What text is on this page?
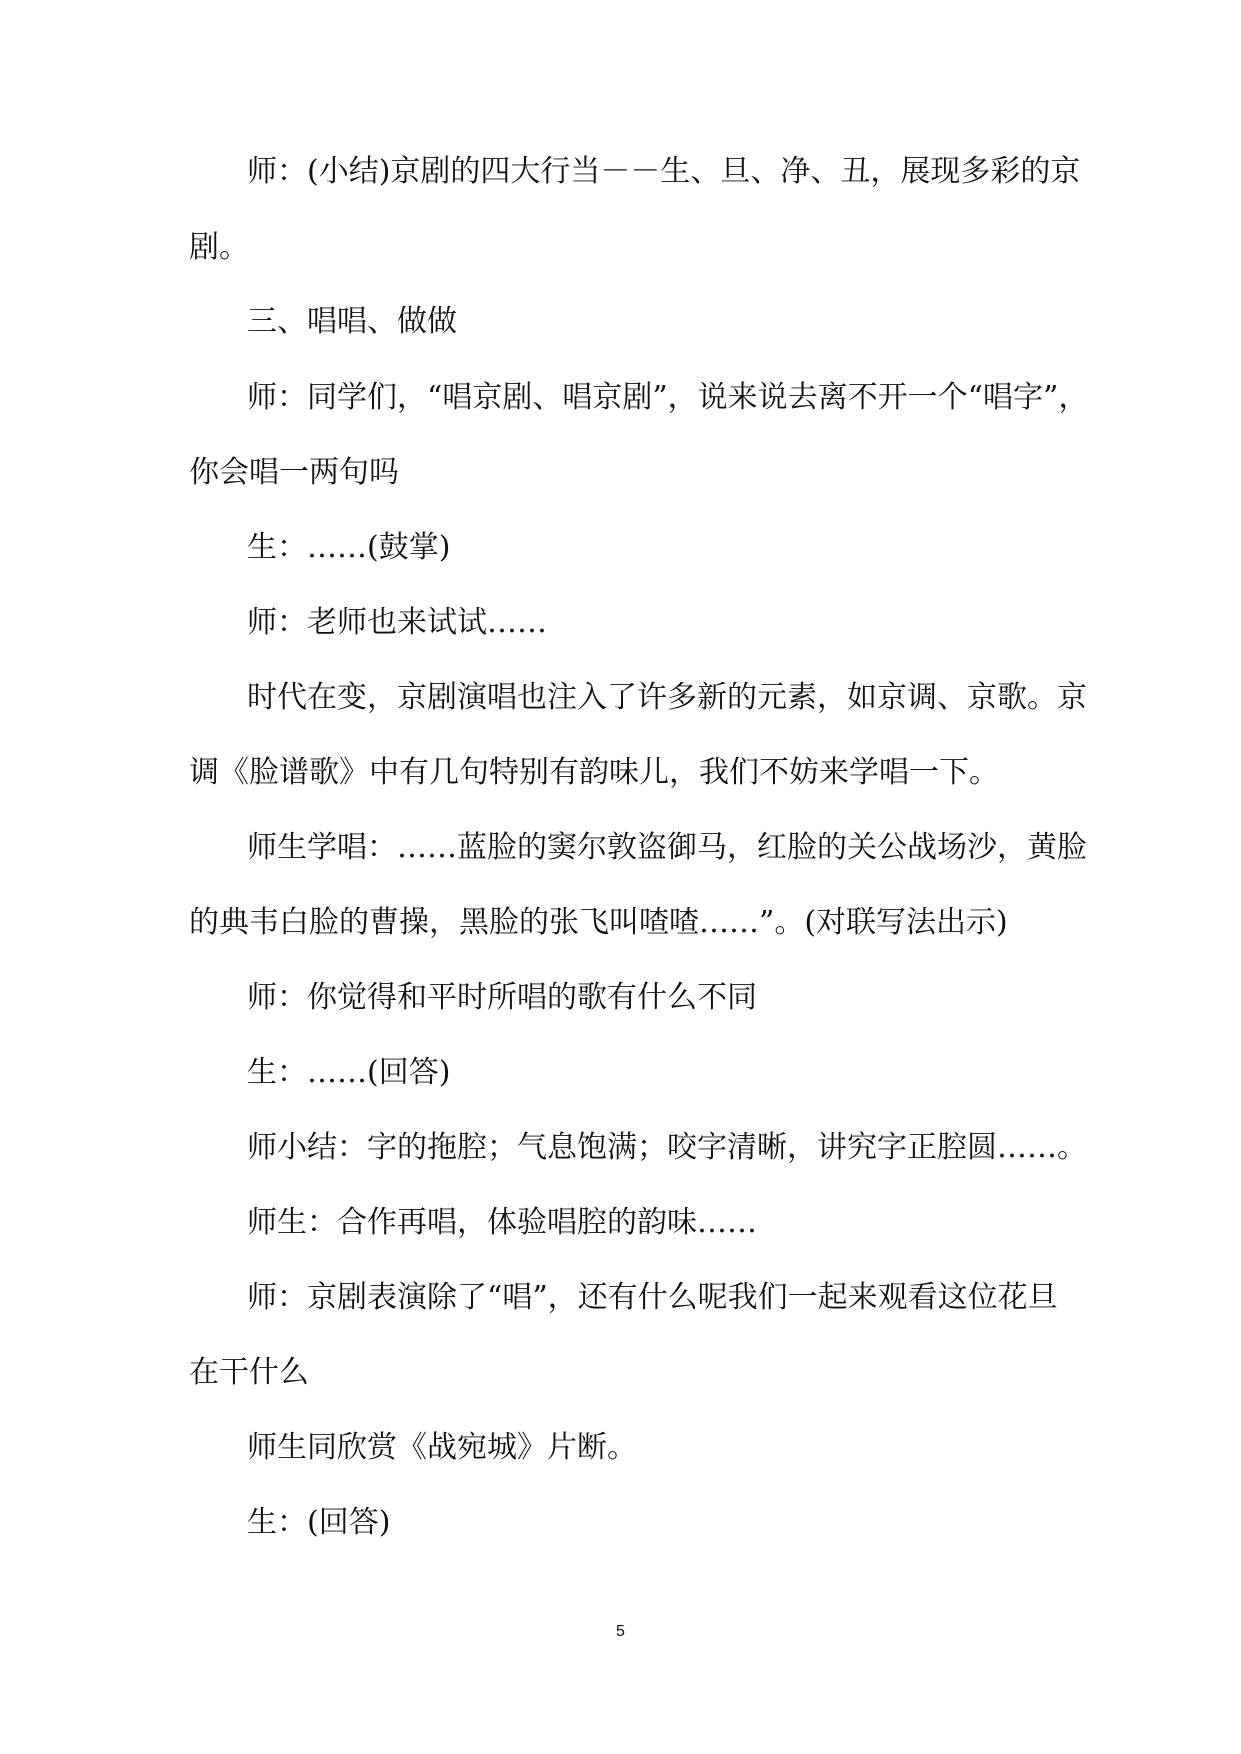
师：(小结)京剧的四大行当－－生、旦、净、丑，展现多彩的京
剧。
三、唱唱、做做
师：同学们，“唱京剧、唱京剧”，说来说去离不开一个“唱字”，
你会唱一两句吗
生：……(鼓掌)
师：老师也来试试……
时代在变，京剧演唱也注入了许多新的元素，如京调、京歌。京
调《脸谱歌》中有几句特别有韵味儿，我们不妨来学唱一下。
师生学唱：……蓝脸的窦尔敦盗御马，红脸的关公战场沙，黄脸
的典韦白脸的曹操，黑脸的张飞叫喳喳……”。(对联写法出示)
师：你觉得和平时所唱的歌有什么不同
生：……(回答)
师小结：字的拖腔；气息饱满；咬字清晰，讲究字正腔圆……。
师生：合作再唱，体验唱腔的韵味……
师：京剧表演除了“唱”，还有什么呢我们一起来观看这位花旦
在干什么
师生同欣赏《战宛城》片断。
生：(回答)
5
